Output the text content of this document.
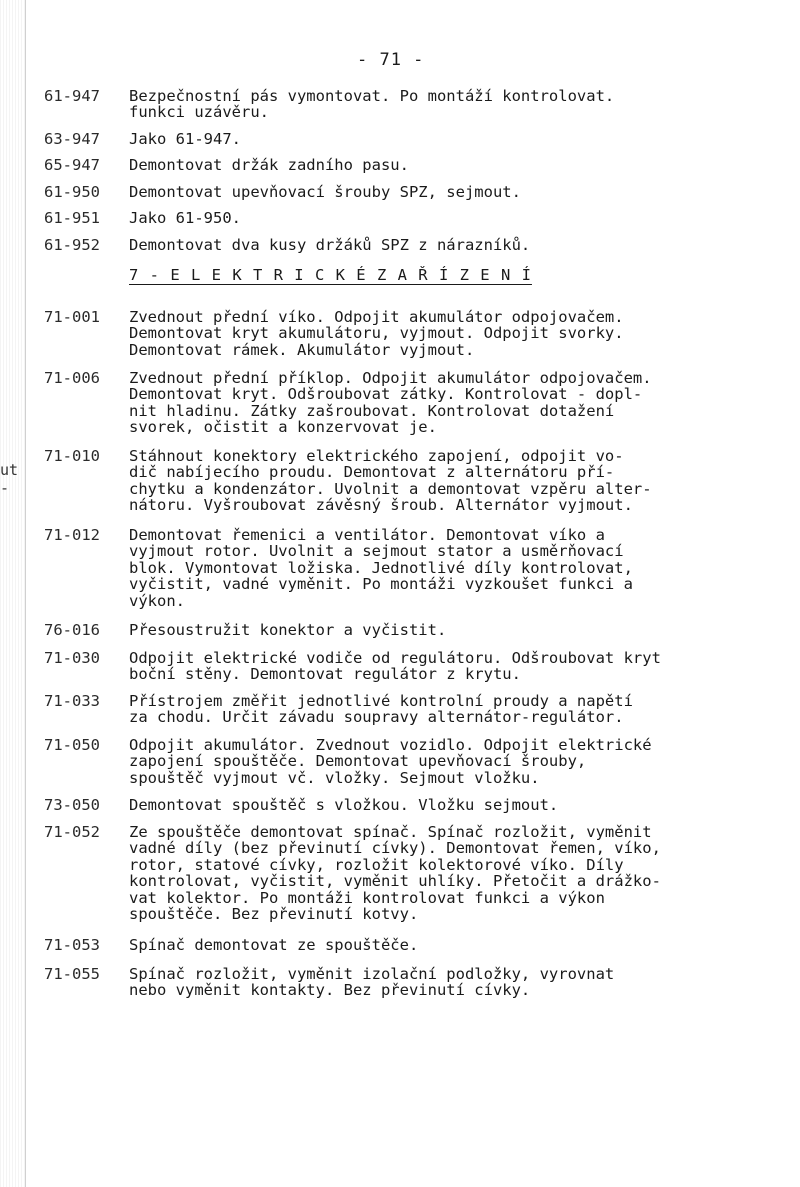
ut
-
- 71 -
61-947 Bezpečnostní pás vymontovat. Po montáží kontrolovat.
funkci uzávěru.
63-947 Jako 61-947.
65-947 Demontovat držák zadního pasu.
61-950 Demontovat upevňovací šrouby SPZ, sejmout.
61-951 Jako 61-950.
61-952 Demontovat dva kusy držáků SPZ z nárazníků.
7 - E L E K T R I C K É Z A Ř Í Z E N Í
71-001 Zvednout přední víko. Odpojit akumulátor odpojovačem.
Demontovat kryt akumulátoru, vyjmout. Odpojit svorky.
Demontovat rámek. Akumulátor vyjmout.
71-006 Zvednout přední příklop. Odpojit akumulátor odpojovačem.
Demontovat kryt. Odšroubovat zátky. Kontrolovat - dopl-
nit hladinu. Zátky zašroubovat. Kontrolovat dotažení
svorek, očistit a konzervovat je.
71-010 Stáhnout konektory elektrického zapojení, odpojit vo-
dič nabíjecího proudu. Demontovat z alternátoru pří-
chytku a kondenzátor. Uvolnit a demontovat vzpěru alter-
nátoru. Vyšroubovat závěsný šroub. Alternátor vyjmout.
71-012 Demontovat řemenici a ventilátor. Demontovat víko a
vyjmout rotor. Uvolnit a sejmout stator a usměrňovací
blok. Vymontovat ložiska. Jednotlivé díly kontrolovat,
vyčistit, vadné vyměnit. Po montáži vyzkoušet funkci a
výkon.
76-016 Přesoustružit konektor a vyčistit.
71-030 Odpojit elektrické vodiče od regulátoru. Odšroubovat kryt
boční stěny. Demontovat regulátor z krytu.
71-033 Přístrojem změřit jednotlivé kontrolní proudy a napětí
za chodu. Určit závadu soupravy alternátor-regulátor.
71-050 Odpojit akumulátor. Zvednout vozidlo. Odpojit elektrické
zapojení spouštěče. Demontovat upevňovací šrouby,
spouštěč vyjmout vč. vložky. Sejmout vložku.
73-050 Demontovat spouštěč s vložkou. Vložku sejmout.
71-052 Ze spouštěče demontovat spínač. Spínač rozložit, vyměnit
vadné díly (bez převinutí cívky). Demontovat řemen, víko,
rotor, statové cívky, rozložit kolektorové víko. Díly
kontrolovat, vyčistit, vyměnit uhlíky. Přetočit a drážko-
vat kolektor. Po montáži kontrolovat funkci a výkon
spouštěče. Bez převinutí kotvy.
71-053 Spínač demontovat ze spouštěče.
71-055 Spínač rozložit, vyměnit izolační podložky, vyrovnat
nebo vyměnit kontakty. Bez převinutí cívky.
